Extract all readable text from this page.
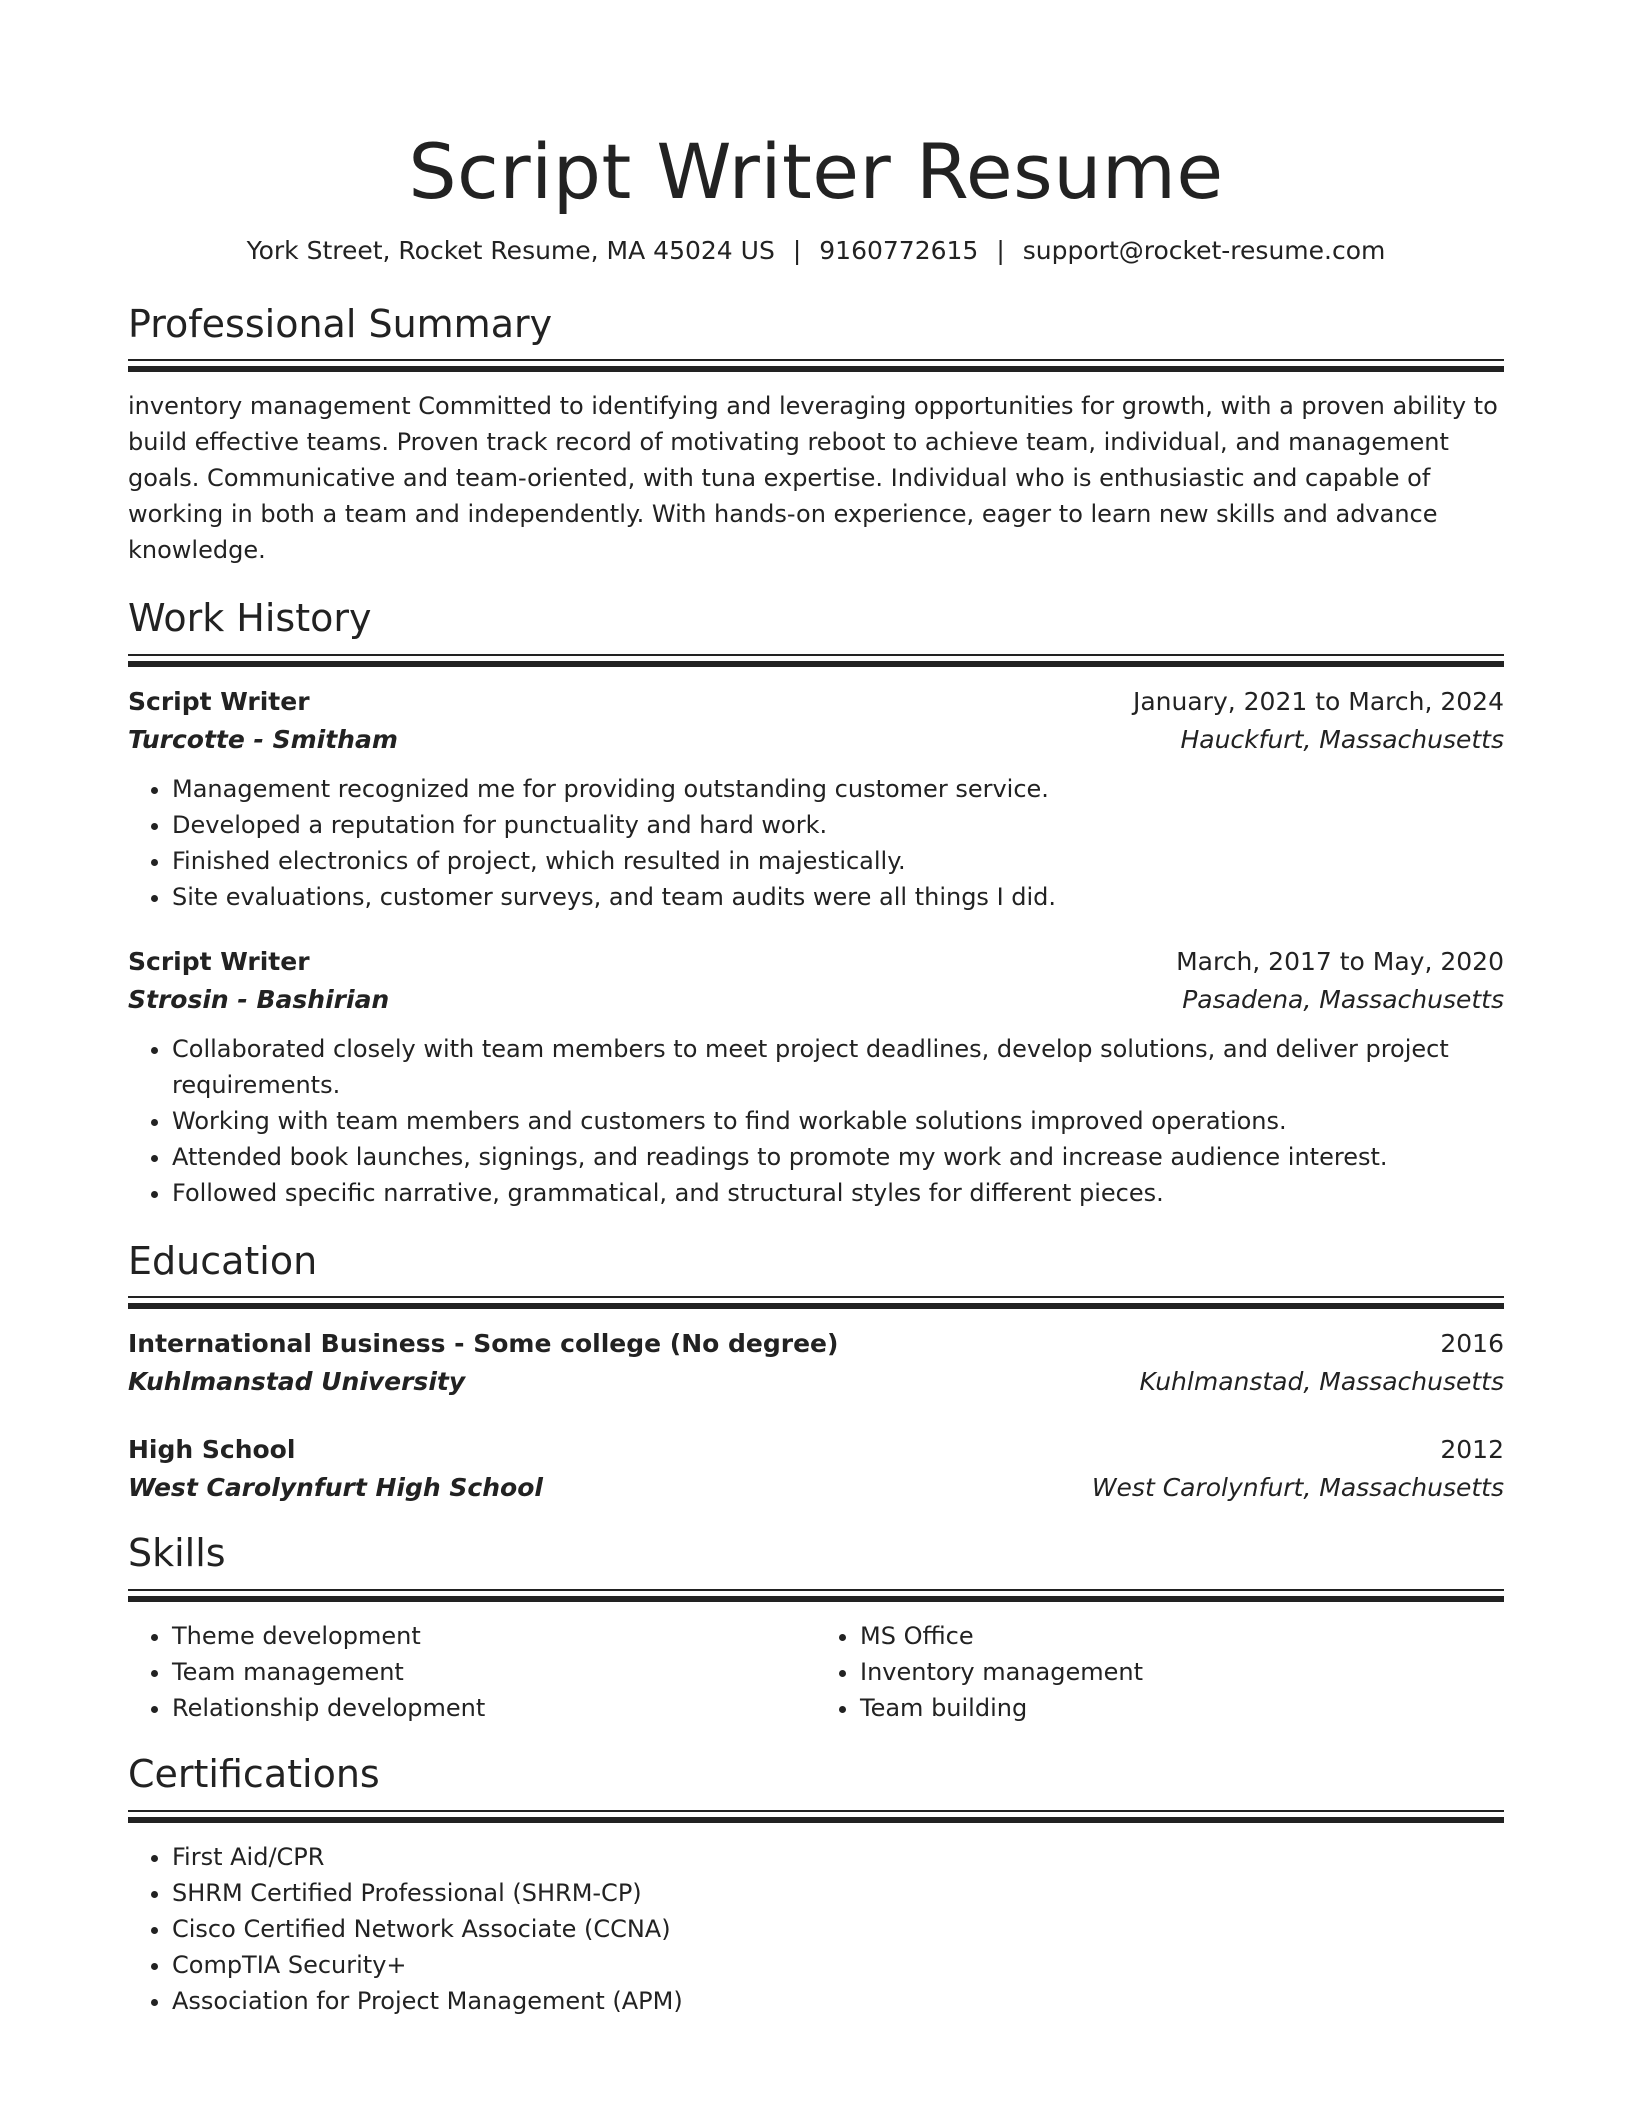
Script Writer Resume
York Street, Rocket Resume, MA 45024 US | 9160772615 | support@rocket-resume.com
Professional Summary

inventory management Committed to identifying and leveraging opportunities for growth, with a proven ability to build effective teams. Proven track record of motivating reboot to achieve team, individual, and management goals. Communicative and team-oriented, with tuna expertise. Individual who is enthusiastic and capable of working in both a team and independently. With hands-on experience, eager to learn new skills and advance knowledge.

Work History
Script Writer	January, 2021 to March, 2024
Turcotte - Smitham	Hauckfurt, Massachusetts
• Management recognized me for providing outstanding customer service.
• Developed a reputation for punctuality and hard work.
• Finished electronics of project, which resulted in majestically.
• Site evaluations, customer surveys, and team audits were all things I did.
Script Writer	March, 2017 to May, 2020
Strosin - Bashirian	Pasadena, Massachusetts
• Collaborated closely with team members to meet project deadlines, develop solutions, and deliver project requirements.
• Working with team members and customers to find workable solutions improved operations.
• Attended book launches, signings, and readings to promote my work and increase audience interest.
• Followed specific narrative, grammatical, and structural styles for different pieces.
Education
International Business - Some college (No degree)	2016
Kuhlmanstad University	Kuhlmanstad, Massachusetts
High School	2012
West Carolynfurt High School	West Carolynfurt, Massachusetts
Skills
• Theme development
• Team management
• Relationship development
• MS Office
• Inventory management
• Team building
Certifications
• First Aid/CPR
• SHRM Certified Professional (SHRM-CP)
• Cisco Certified Network Associate (CCNA)
• CompTIA Security+
• Association for Project Management (APM)
